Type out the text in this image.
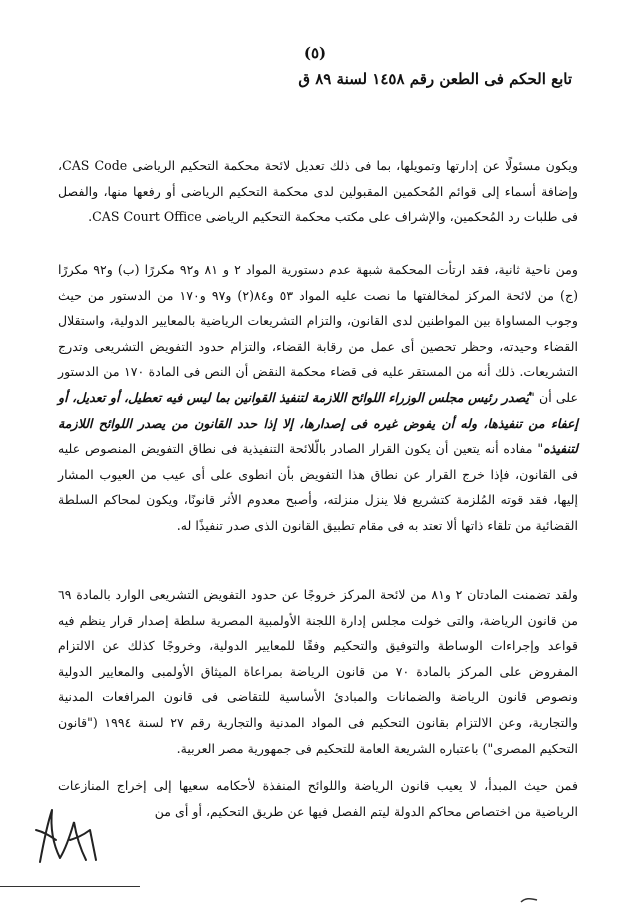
(٥)
تابع الحكم فى الطعن رقم ١٤٥٨ لسنة ٨٩ ق

ويكون مسئولًا عن إدارتها وتمويلها، بما فى ذلك تعديل لائحة محكمة التحكيم الرياضى CAS Code، وإضافة أسماء إلى قوائم المُحكمين المقبولين لدى محكمة التحكيم الرياضى أو رفعها منها، والفصل فى طلبات رد المُحكمين، والإشراف على مكتب محكمة التحكيم الرياضى CAS Court Office.

ومن ناحية ثانية، فقد ارتأت المحكمة شبهة عدم دستورية المواد ٢ و ٨١ و٩٢ مكررًا (ب) و٩٢ مكررًا (ج) من لائحة المركز لمخالفتها ما نصت عليه المواد ٥٣ و٨٤(٢) و٩٧ و١٧٠ من الدستور من حيث وجوب المساواة بين المواطنين لدى القانون، والتزام التشريعات الرياضية بالمعايير الدولية، واستقلال القضاء وحيدته، وحظر تحصين أى عمل من رقابة القضاء، والتزام حدود التفويض التشريعى وتدرج التشريعات. ذلك أنه من المستقر عليه فى قضاء محكمة النقض أن النص فى المادة ١٧٠ من الدستور على أن "يُصدر رئيس مجلس الوزراء اللوائح اللازمة لتنفيذ القوانين بما ليس فيه تعطيل، أو تعديل، أو إعفاء من تنفيذها، وله أن يفوض غيره فى إصدارها، إلا إذا حدد القانون من يصدر اللوائح اللازمة لتنفيذه" مفاده أنه يتعين أن يكون القرار الصادر بالّلائحة التنفيذية فى نطاق التفويض المنصوص عليه فى القانون، فإذا خرج القرار عن نطاق هذا التفويض بأن انطوى على أى عيب من العيوب المشار إليها، فقد قوته المُلزمة كتشريع فلا ينزل منزلته، وأصبح معدوم الأثر قانونًا، ويكون لمحاكم السلطة القضائية من تلقاء ذاتها ألا تعتد به فى مقام تطبيق القانون الذى صدر تنفيذًا له.

ولقد تضمنت المادتان ٢ و٨١ من لائحة المركز خروجًا عن حدود التفويض التشريعى الوارد بالمادة ٦٩ من قانون الرياضة، والتى خولت مجلس إدارة اللجنة الأولمبية المصرية سلطة إصدار قرار ينظم فيه قواعد وإجراءات الوساطة والتوفيق والتحكيم وفقًا للمعايير الدولية، وخروجًا كذلك عن الالتزام المفروض على المركز بالمادة ٧٠ من قانون الرياضة بمراعاة الميثاق الأولمبى والمعايير الدولية ونصوص قانون الرياضة والضمانات والمبادئ الأساسية للتقاضى فى قانون المرافعات المدنية والتجارية، وعن الالتزام بقانون التحكيم فى المواد المدنية والتجارية رقم ٢٧ لسنة ١٩٩٤ ("قانون التحكيم المصرى") باعتباره الشريعة العامة للتحكيم فى جمهورية مصر العربية.

فمن حيث المبدأ، لا يعيب قانون الرياضة واللوائح المنفذة لأحكامه سعيها إلى إخراج المنازعات الرياضية من اختصاص محاكم الدولة ليتم الفصل فيها عن طريق التحكيم، أو أى من
